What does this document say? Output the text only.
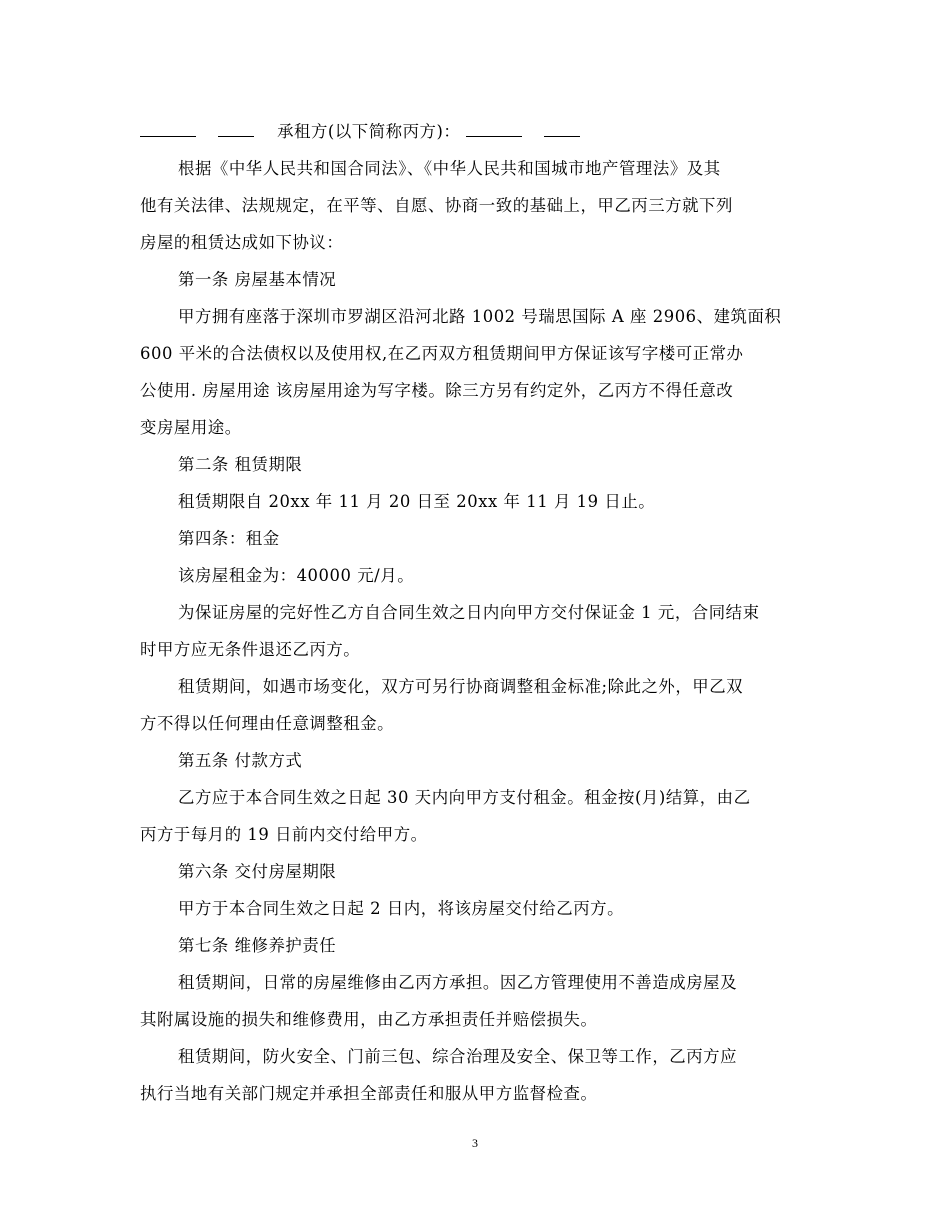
承租方(以下简称丙方)：
根据《中华人民共和国合同法》、《中华人民共和国城市地产管理法》及其
他有关法律、法规规定，在平等、自愿、协商一致的基础上，甲乙丙三方就下列
房屋的租赁达成如下协议：
第一条 房屋基本情况
甲方拥有座落于深圳市罗湖区沿河北路 1002 号瑞思国际 A 座 2906、建筑面积
600 平米的合法债权以及使用权,在乙丙双方租赁期间甲方保证该写字楼可正常办
公使用. 房屋用途 该房屋用途为写字楼。除三方另有约定外，乙丙方不得任意改
变房屋用途。
第二条 租赁期限
租赁期限自 20xx 年 11 月 20 日至 20xx 年 11 月 19 日止。
第四条：租金
该房屋租金为：40000 元/月。
为保证房屋的完好性乙方自合同生效之日内向甲方交付保证金 1 元，合同结束
时甲方应无条件退还乙丙方。
租赁期间，如遇市场变化，双方可另行协商调整租金标准;除此之外，甲乙双
方不得以任何理由任意调整租金。
第五条 付款方式
乙方应于本合同生效之日起 30 天内向甲方支付租金。租金按(月)结算，由乙
丙方于每月的 19 日前内交付给甲方。
第六条 交付房屋期限
甲方于本合同生效之日起 2 日内，将该房屋交付给乙丙方。
第七条 维修养护责任
租赁期间，日常的房屋维修由乙丙方承担。因乙方管理使用不善造成房屋及
其附属设施的损失和维修费用，由乙方承担责任并赔偿损失。
租赁期间，防火安全、门前三包、综合治理及安全、保卫等工作，乙丙方应
执行当地有关部门规定并承担全部责任和服从甲方监督检查。
3
